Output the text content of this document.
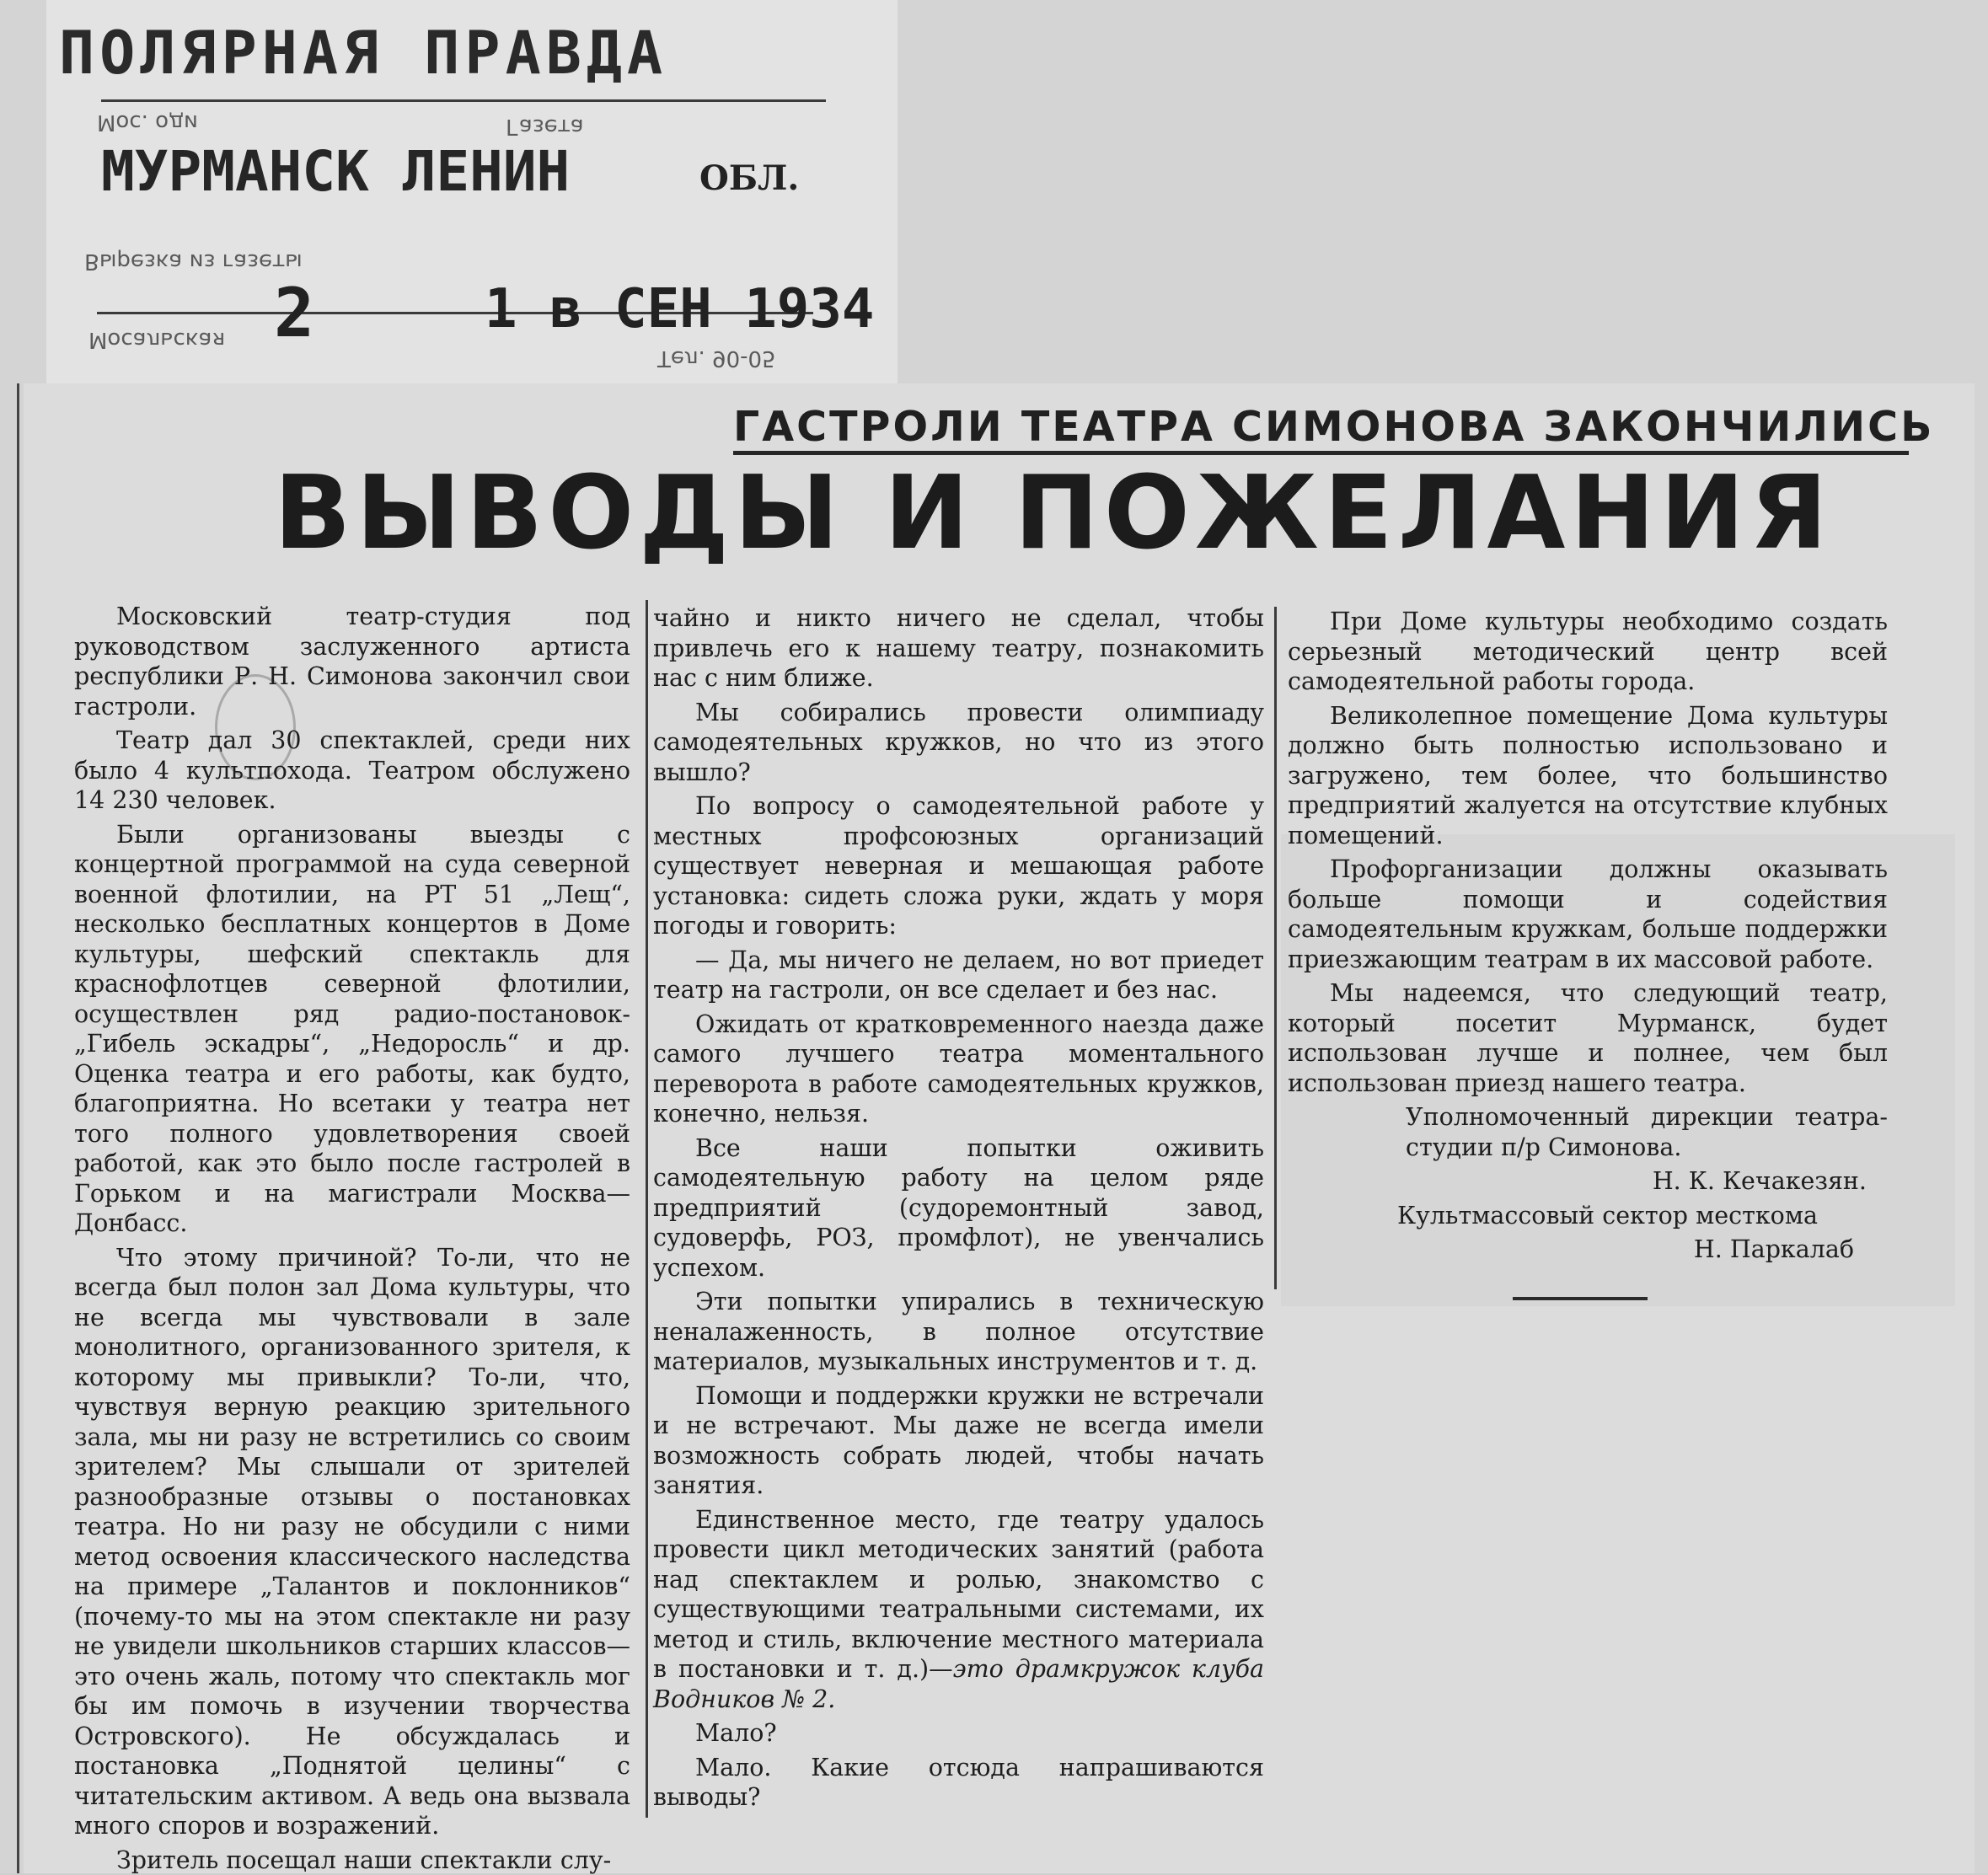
ПОЛЯРНАЯ ПРАВДА
Мос. оди	Газета
МУРМАНСК ЛЕНИН	ОБЛ.
Вырезка из газеты
Мосальская 2	1 в СЕН 1934
Тел. 90-05
ГАСТРОЛИ ТЕАТРА СИМОНОВА ЗАКОНЧИЛИСЬ
ВЫВОДЫ И ПОЖЕЛАНИЯ

Московский театр-студия под руководством заслуженного артиста республики Р. Н. Симонова закончил свои гастроли.

Театр дал 30 спектаклей, среди них было 4 культпохода. Театром обслужено 14 230 человек.

Были организованы выезды с концертной программой на суда северной военной флотилии, на РТ 51 „Лещ“, несколько бесплатных концертов в Доме культуры, шефский спектакль для краснофлотцев северной флотилии, осуществлен ряд радио-постановок- „Гибель эскадры“, „Недоросль“ и др. Оценка театра и его работы, как будто, благоприятна. Но всетаки у театра нет того полного удовлетворения своей работой, как это было после гастролей в Горьком и на магистрали Москва—Донбасс.

Что этому причиной? То-ли, что не всегда был полон зал Дома культуры, что не всегда мы чувствовали в зале монолитного, организованного зрителя, к которому мы привыкли? То-ли, что, чувствуя верную реакцию зрительного зала, мы ни разу не встретились со своим зрителем? Мы слышали от зрителей разнообразные отзывы о постановках театра. Но ни разу не обсудили с ними метод освоения классического наследства на примере „Талантов и поклонников“ (почему-то мы на этом спектакле ни разу не увидели школьников старших классов—это очень жаль, потому что спектакль мог бы им помочь в изучении творчества Островского). Не обсуждалась и постановка „Поднятой целины“ с читательским активом. А ведь она вызвала много споров и возражений.

Зритель посещал наши спектакли слу-

чайно и никто ничего не сделал, чтобы привлечь его к нашему театру, познакомить нас с ним ближе.

Мы собирались провести олимпиаду самодеятельных кружков, но что из этого вышло?

По вопросу о самодеятельной работе у местных профсоюзных организаций существует неверная и мешающая работе установка: сидеть сложа руки, ждать у моря погоды и говорить:

— Да, мы ничего не делаем, но вот приедет театр на гастроли, он все сделает и без нас.

Ожидать от кратковременного наезда даже самого лучшего театра моментального переворота в работе самодеятельных кружков, конечно, нельзя.

Все наши попытки оживить самодеятельную работу на целом ряде предприятий (судоремонтный завод, судоверфь, РОЗ, промфлот), не увенчались успехом.

Эти попытки упирались в техническую неналаженность, в полное отсутствие материалов, музыкальных инструментов и т. д.

Помощи и поддержки кружки не встречали и не встречают. Мы даже не всегда имели возможность собрать людей, чтобы начать занятия.

Единственное место, где театру удалось провести цикл методических занятий (работа над спектаклем и ролью, знакомство с существующими театральными системами, их метод и стиль, включение местного материала в постановки и т. д.)—это драмкружок клуба Водников № 2.

Мало?

Мало. Какие отсюда напрашиваются выводы?

При Доме культуры необходимо создать серьезный методический центр всей самодеятельной работы города.

Великолепное помещение Дома культуры должно быть полностью использовано и загружено, тем более, что большинство предприятий жалуется на отсутствие клубных помещений.

Профорганизации должны оказывать больше помощи и содействия самодеятельным кружкам, больше поддержки приезжающим театрам в их массовой работе.

Мы надеемся, что следующий театр, который посетит Мурманск, будет использован лучше и полнее, чем был использован приезд нашего театра.

Уполномоченный дирекции театра-студии п/р Симонова.

Н. К. Кечакезян.

Культмассовый сектор месткома

Н. Паркалаб
